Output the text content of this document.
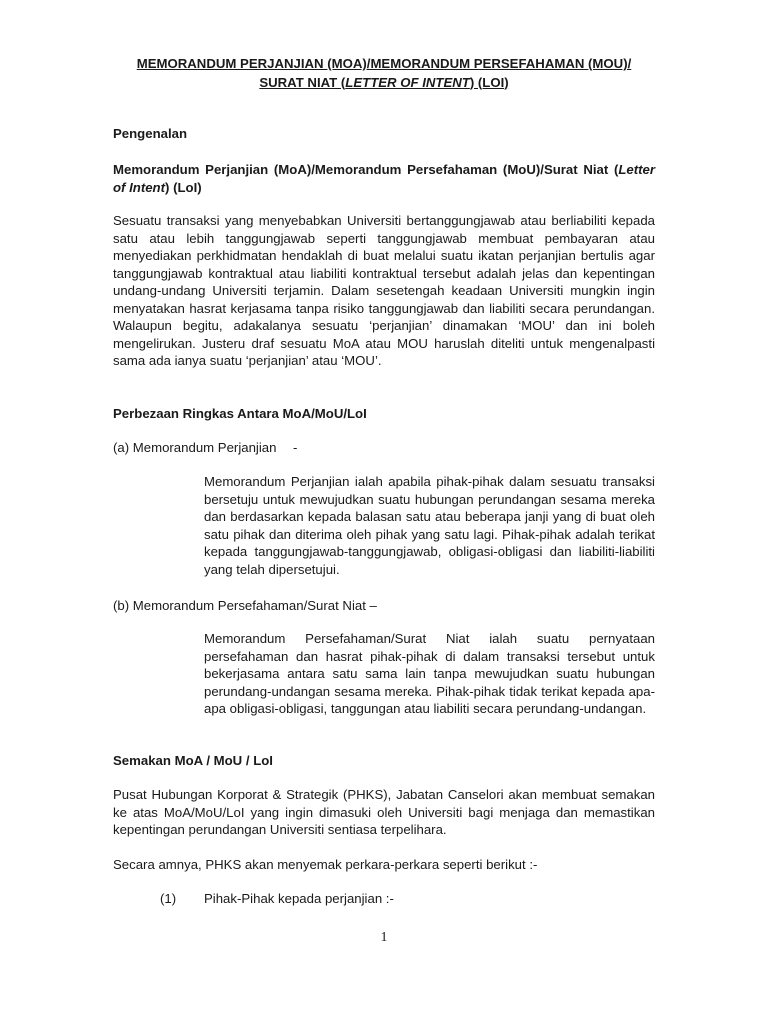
MEMORANDUM PERJANJIAN (MOA)/MEMORANDUM PERSEFAHAMAN (MOU)/
SURAT NIAT (LETTER OF INTENT) (LOI)
Pengenalan
Memorandum Perjanjian (MoA)/Memorandum Persefahaman (MoU)/Surat Niat (Letter of Intent) (LoI)
Sesuatu transaksi yang menyebabkan Universiti bertanggungjawab atau berliabiliti kepada satu atau lebih tanggungjawab seperti tanggungjawab membuat pembayaran atau menyediakan perkhidmatan hendaklah di buat melalui suatu ikatan perjanjian bertulis agar tanggungjawab kontraktual atau liabiliti kontraktual tersebut adalah jelas dan kepentingan undang-undang Universiti terjamin. Dalam sesetengah keadaan Universiti mungkin ingin menyatakan hasrat kerjasama tanpa risiko tanggungjawab dan liabiliti secara perundangan. Walaupun begitu, adakalanya sesuatu ‘perjanjian’ dinamakan ‘MOU’ dan ini boleh mengelirukan. Justeru draf sesuatu MoA atau MOU haruslah diteliti untuk mengenalpasti sama ada ianya suatu ‘perjanjian’ atau ‘MOU’.
Perbezaan Ringkas Antara MoA/MoU/LoI
(a) Memorandum Perjanjian	-
Memorandum Perjanjian ialah apabila pihak-pihak dalam sesuatu transaksi bersetuju untuk mewujudkan suatu hubungan perundangan sesama mereka dan berdasarkan kepada balasan satu atau beberapa janji yang di buat oleh satu pihak dan diterima oleh pihak yang satu lagi. Pihak-pihak adalah terikat kepada tanggungjawab-tanggungjawab, obligasi-obligasi dan liabiliti-liabiliti yang telah dipersetujui.
(b) Memorandum Persefahaman/Surat Niat –
Memorandum Persefahaman/Surat Niat ialah suatu pernyataan persefahaman dan hasrat pihak-pihak di dalam transaksi tersebut untuk bekerjasama antara satu sama lain tanpa mewujudkan suatu hubungan perundang-undangan sesama mereka. Pihak-pihak tidak terikat kepada apa-apa obligasi-obligasi, tanggungan atau liabiliti secara perundang-undangan.
Semakan MoA / MoU / LoI
Pusat Hubungan Korporat & Strategik (PHKS), Jabatan Canselori akan membuat semakan ke atas MoA/MoU/LoI yang ingin dimasuki oleh Universiti bagi menjaga dan memastikan kepentingan perundangan Universiti sentiasa terpelihara.
Secara amnya, PHKS akan menyemak perkara-perkara seperti berikut :-
(1) Pihak-Pihak kepada perjanjian :-
1
